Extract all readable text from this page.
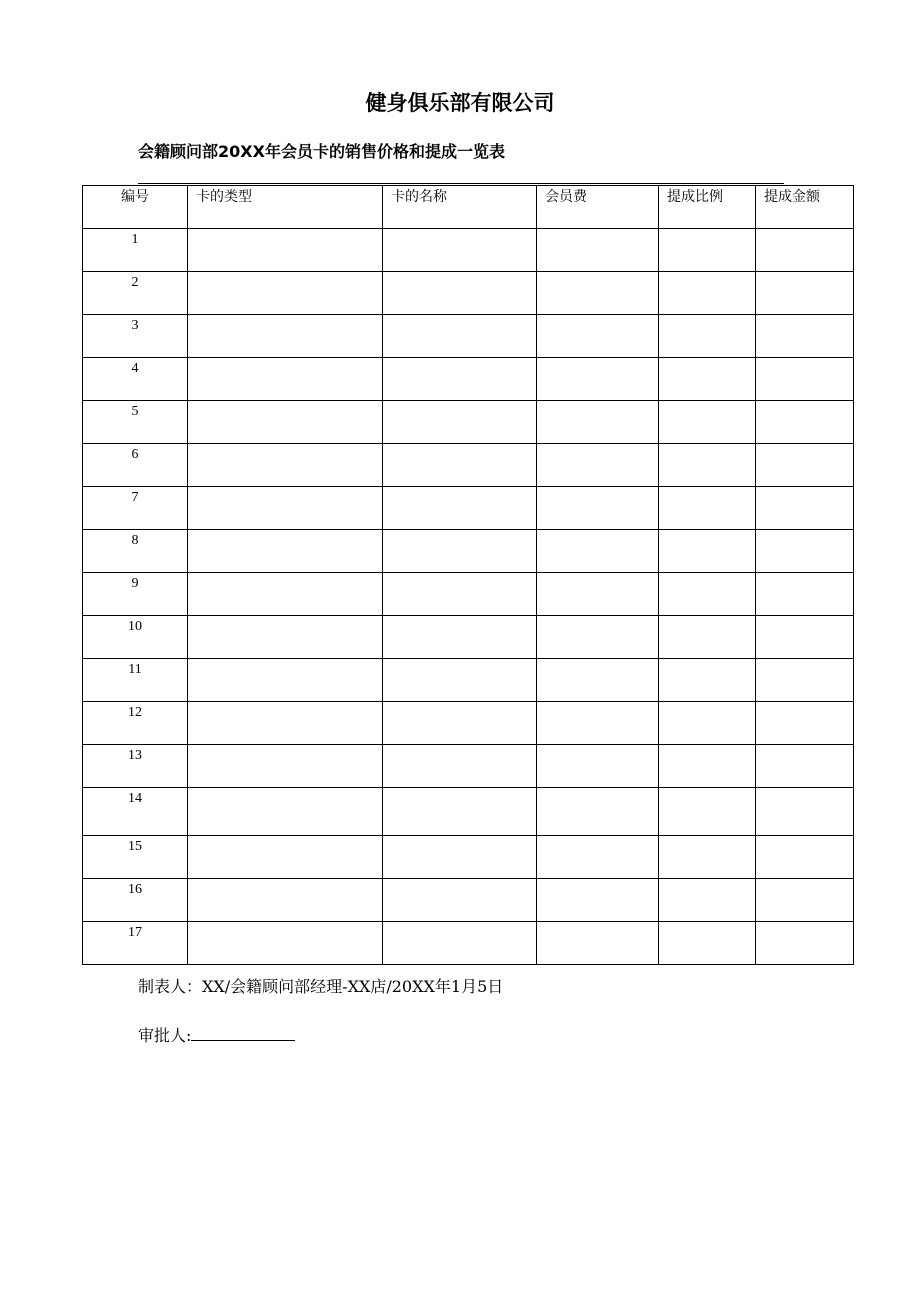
健身俱乐部有限公司
会籍顾问部20XX年会员卡的销售价格和提成一览表
编号	卡的类型	卡的名称	会员费	提成比例	提成金额
1					
2					
3					
4					
5					
6					
7					
8					
9					
10					
11					
12					
13					
14					
15					
16					
17					
制表人：XX/会籍顾问部经理-XX店/20XX年1月5日
审批人:
